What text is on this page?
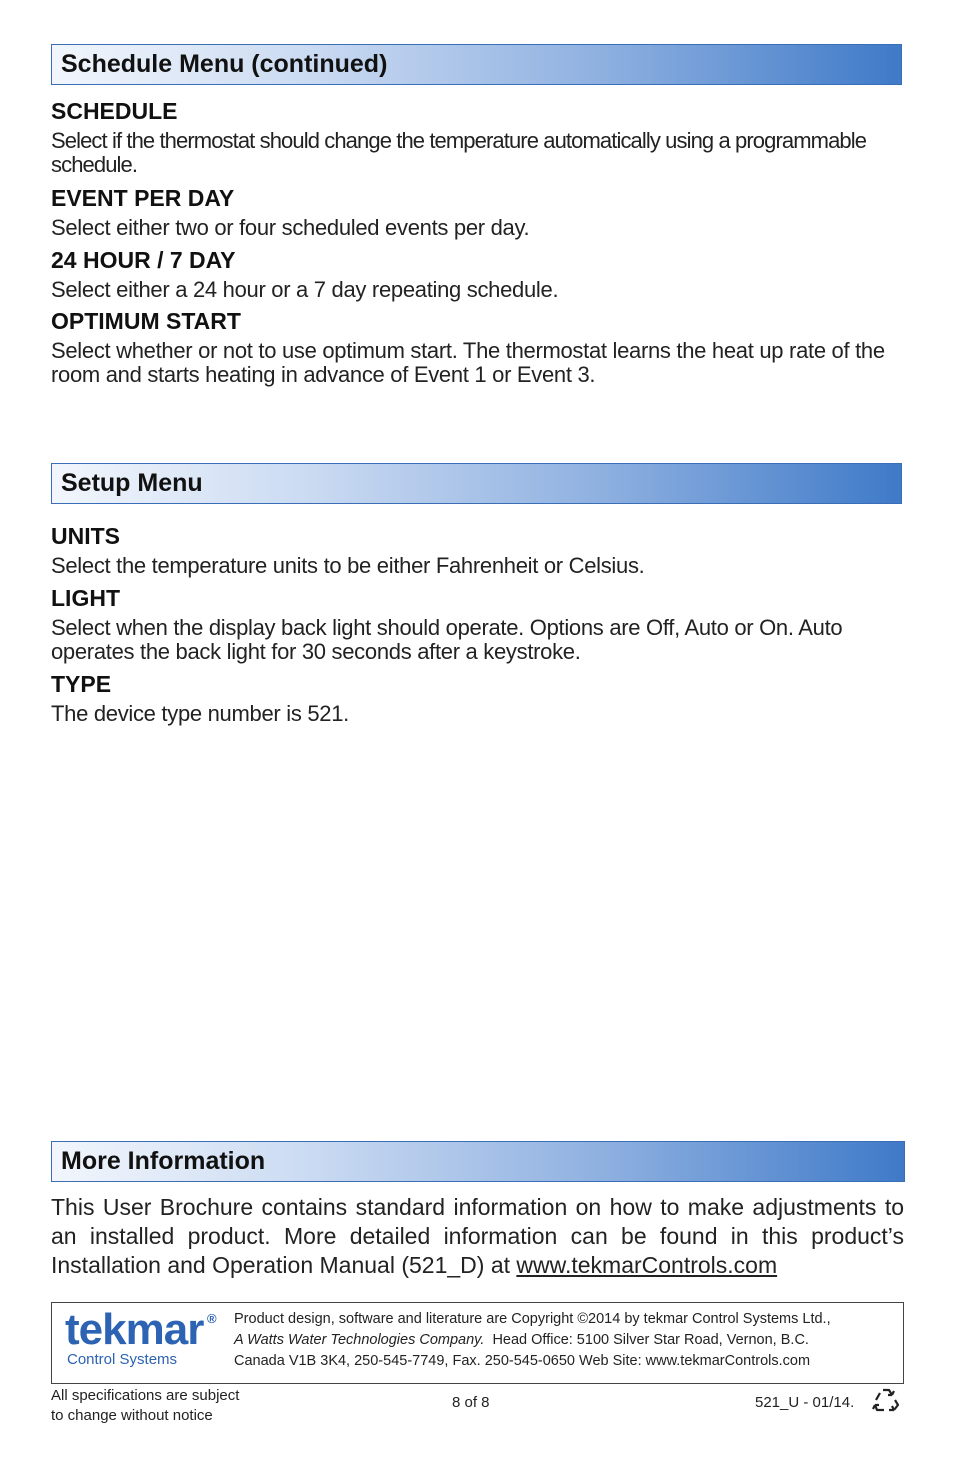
Schedule Menu (continued)

SCHEDULE

Select if the thermostat should change the temperature automatically using a programmable schedule.

EVENT PER DAY

Select either two or four scheduled events per day.

24 HOUR / 7 DAY

Select either a 24 hour or a 7 day repeating schedule.

OPTIMUM START

Select whether or not to use optimum start. The thermostat learns the heat up rate of the room and starts heating in advance of Event 1 or Event 3.

Setup Menu

UNITS

Select the temperature units to be either Fahrenheit or Celsius.

LIGHT

Select when the display back light should operate. Options are Off, Auto or On. Auto operates the back light for 30 seconds after a keystroke.

TYPE

The device type number is 521.

More Information

This User Brochure contains standard information on how to make adjustments to an installed product. More detailed information can be found in this product’s Installation and Operation Manual (521_D) at www.tekmarControls.com

tekmar ®
Control Systems
Product design, software and literature are Copyright ©2014 by tekmar Control Systems Ltd.,
A Watts Water Technologies Company. Head Office: 5100 Silver Star Road, Vernon, B.C.
Canada V1B 3K4, 250-545-7749, Fax. 250-545-0650 Web Site: www.tekmarControls.com
All specifications are subject
to change without notice
8 of 8	521_U - 01/14.
